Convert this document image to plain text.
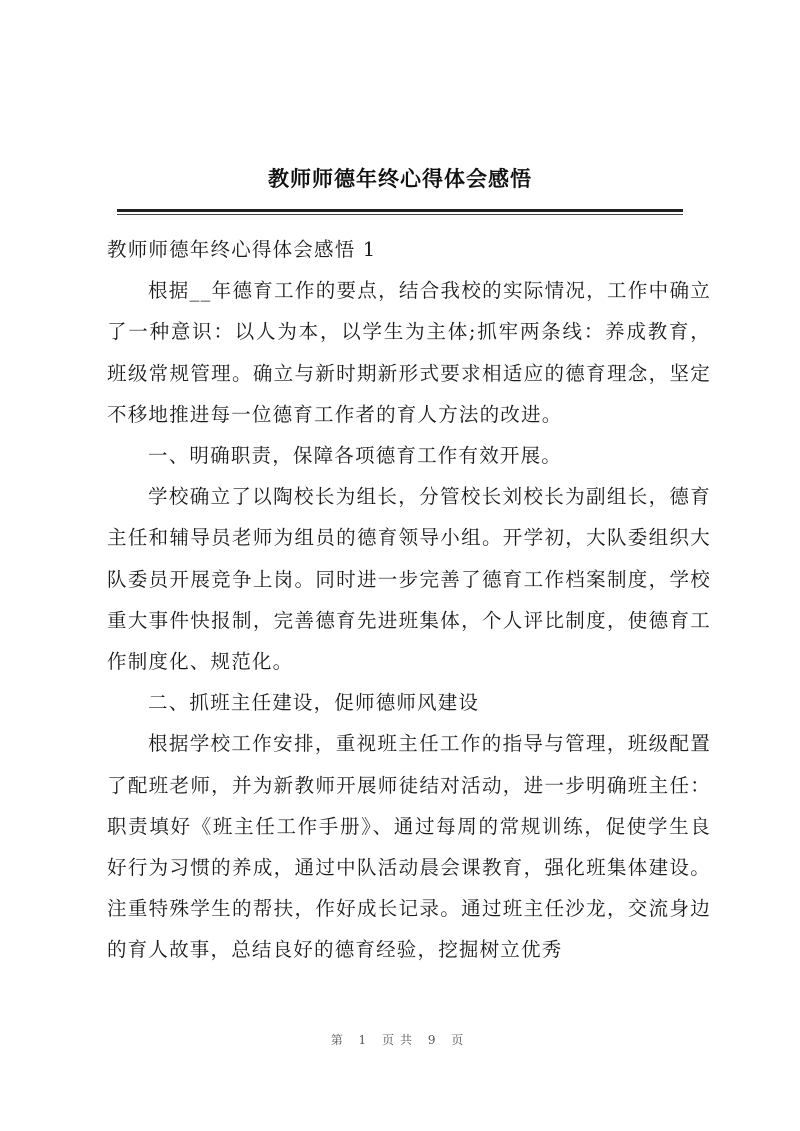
教师师德年终心得体会感悟

教师师德年终心得体会感悟 1

根据__年德育工作的要点，结合我校的实际情况，工作中确立了一种意识：以人为本，以学生为主体;抓牢两条线：养成教育，班级常规管理。确立与新时期新形式要求相适应的德育理念，坚定不移地推进每一位德育工作者的育人方法的改进。

一、明确职责，保障各项德育工作有效开展。

学校确立了以陶校长为组长，分管校长刘校长为副组长，德育主任和辅导员老师为组员的德育领导小组。开学初，大队委组织大队委员开展竞争上岗。同时进一步完善了德育工作档案制度，学校重大事件快报制，完善德育先进班集体，个人评比制度，使德育工作制度化、规范化。

二、抓班主任建设，促师德师风建设

根据学校工作安排，重视班主任工作的指导与管理，班级配置了配班老师，并为新教师开展师徒结对活动，进一步明确班主任：职责填好《班主任工作手册》、通过每周的常规训练，促使学生良好行为习惯的养成，通过中队活动晨会课教育，强化班集体建设。注重特殊学生的帮扶，作好成长记录。通过班主任沙龙，交流身边的育人故事，总结良好的德育经验，挖掘树立优秀

第 1 页共 9 页
